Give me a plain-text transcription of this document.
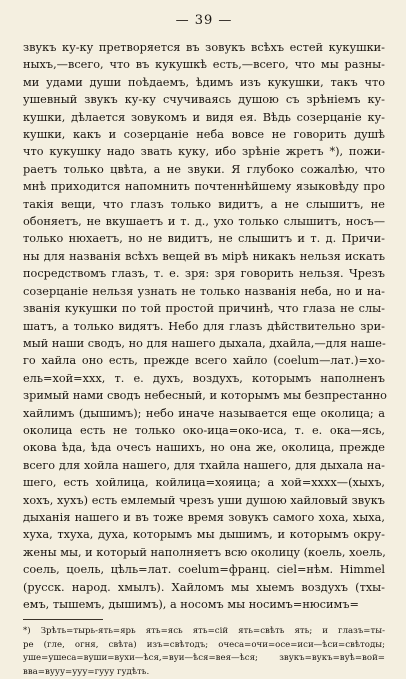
— 39 —
звукъ ку-ку претворяется въ зовукъ всѣхъ естей кукушки-
ныхъ,—всего, что въ кукушкѣ есть,—всего, что мы разны-
ми удами души поѣдаемъ, ѣдимъ изъ кукушки, такъ что
ушевный звукъ ку-ку счучиваясь душою съ зрѣніемъ ку-
кушки, дѣлается зовукомъ и видя ея. Вѣдь созерцаніе ку-
кушки, какъ и созерцаніе неба вовсе не говорить душѣ
что кукушку надо звать куку, ибо зрѣніе жретъ *), пожи-
раетъ только цвѣта, а не звуки. Я глубоко сожалѣю, что
мнѣ приходится напомнить почтеннѣйшему языковѣду про
такія вещи, что глазъ только видитъ, а не слышитъ, не
обоняетъ, не вкушаетъ и т. д., ухо только слышитъ, носъ—
только нюхаетъ, но не видитъ, не слышитъ и т. д. Причи-
ны для названія всѣхъ вещей въ мірѣ никакъ нельзя искать
посредствомъ глазъ, т. е. зря: зря говорить нельзя. Чрезъ
созерцаніе нельзя узнать не только названія неба, но и на-
званія кукушки по той простой причинѣ, что глаза не слы-
шатъ, а только видятъ. Небо для глазъ дѣйствительно зри-
мый наши сводъ, но для нашего дыхала, дхайла,—для наше-
го хайла оно есть, прежде всего хайло (coelum—лат.)=хо-
ель=хой=ххх, т. е. духъ, воздухъ, которымъ наполненъ
зримый нами сводъ небесный, и которымъ мы безпрестанно
хайлимъ (дышимъ); небо иначе называется еще околица; а
околица есть не только око-ица=око-иса, т. е. ока—ясь,
окова ѣда, ѣда очесъ нашихъ, но она же, околица, прежде
всего для хойла нашего, для тхайла нашего, для дыхала на-
шего, есть хойлица, койлица=хояица; а хой=хххх—(хыхъ,
хохъ, хухъ) есть емлемый чрезъ уши душою хайловый звукъ
дыханія нашего и въ тоже время зовукъ самого хоха, хыха,
хуха, тхуха, духа, которымъ мы дышимъ, и которымъ окру-
жены мы, и который наполняетъ всю околицу (коель, хоель,
соель, цоель, цѣль=лат. coelum=франц. ciel=нѣм. Himmel
(русск. народ. хмылъ). Хайломъ мы хыемъ воздухъ (тхы-
емъ, тышемъ, дышимъ), а носомъ мы носимъ=нюсимъ=
*) Зрѣть=тырь-ять=ярь ять=ясь ять=сій ять=свѣть ять; и глазъ=ты-
ре (гле, огня, свѣта) изъ=свѣтодъ; очеса=очи=осе=иси—ѣси=свѣтоды;
уше=ушеса=вуши=вухи—ѣся,=вуи—ѣся=вея—ѣся; звукъ=вукъ=вуѣ=вой=
вва=вууу=ууу=гууу гудѣть.
